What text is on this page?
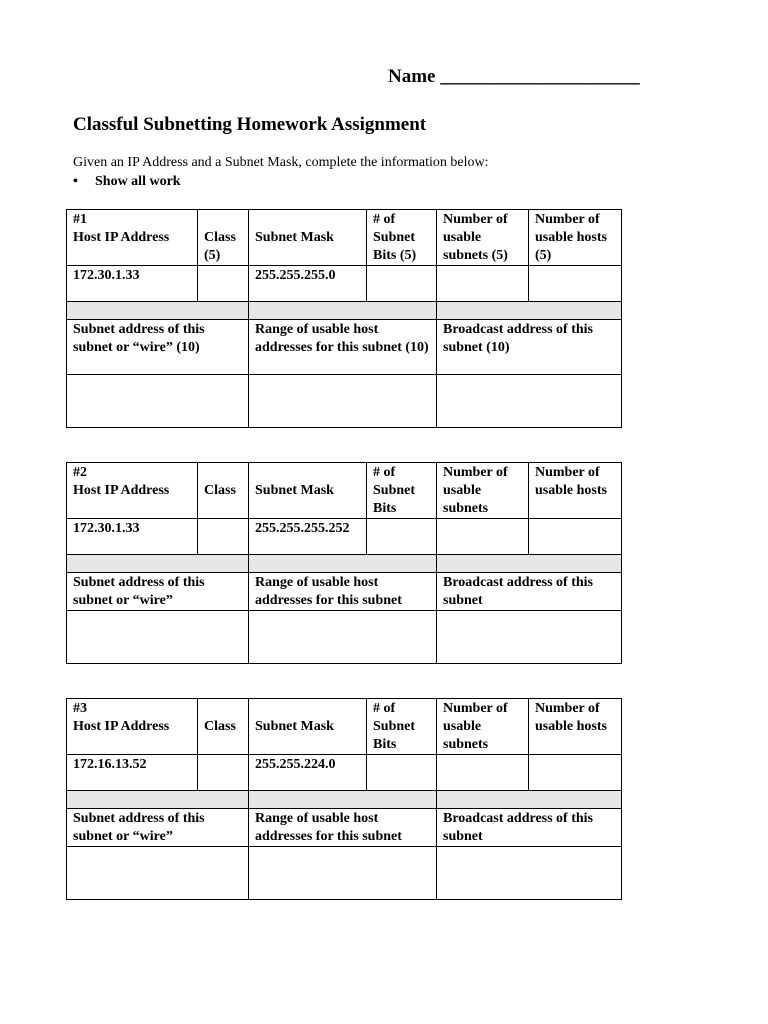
Name _____________________
Classful Subnetting Homework Assignment
Given an IP Address and a Subnet Mask, complete the information below:
• Show all work
#1
Host IP Address	Class (5)	Subnet Mask	# of Subnet Bits (5)	Number of usable subnets (5)	Number of usable hosts (5)
172.30.1.33		255.255.255.0			

Subnet address of this subnet or “wire” (10)		Range of usable host addresses for this subnet (10)		Broadcast address of this subnet (10)	

#2
Host IP Address	Class	Subnet Mask	# of Subnet Bits	Number of usable subnets	Number of usable hosts
172.30.1.33		255.255.255.252			

Subnet address of this subnet or “wire”		Range of usable host addresses for this subnet		Broadcast address of this subnet	

#3
Host IP Address	Class	Subnet Mask	# of Subnet Bits	Number of usable subnets	Number of usable hosts
172.16.13.52		255.255.224.0			

Subnet address of this subnet or “wire”		Range of usable host addresses for this subnet		Broadcast address of this subnet	
